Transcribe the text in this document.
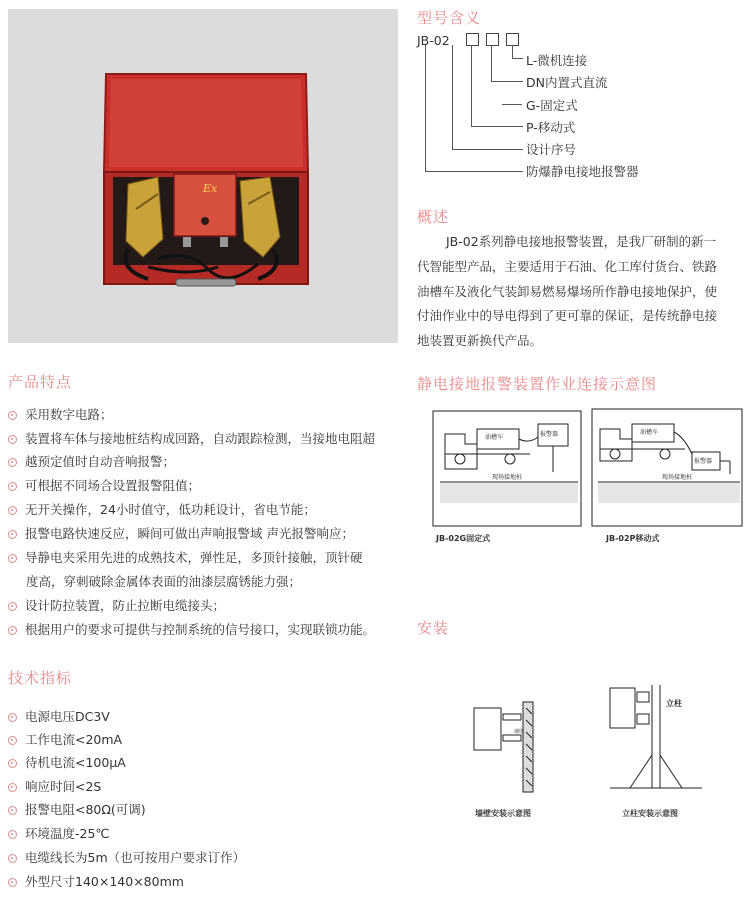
Ex
型号含义
JB-02
L-微机连接
DN内置式直流
G-固定式
P-移动式
设计序号
防爆静电接地报警器
概述
JB-02系列静电接地报警装置，是我厂研制的新一
代智能型产品，主要适用于石油、化工库付货台、铁路
油槽车及液化气装卸易燃易爆场所作静电接地保护，使
付油作业中的导电得到了更可靠的保证，是传统静电接
地装置更新换代产品。
产品特点
采用数字电路；
装置将车体与接地桩结构成回路，自动跟踪检测，当接地电阻超
越预定值时自动音响报警；
可根据不同场合设置报警阻值；
无开关操作，24小时值守，低功耗设计，省电节能；
报警电路快速反应，瞬间可做出声响报警域 声光报警响应；
导静电夹采用先进的成熟技术，弹性足，多顶针接触，顶针硬
度高，穿刺破除金属体表面的油漆层腐锈能力强；
设计防拉装置，防止拉断电缆接头；
根据用户的要求可提供与控制系统的信号接口，实现联锁功能。
静电接地报警装置作业连接示意图
油槽车	报警器
现场接地桩
油槽车
报警器
现场接地桩
JB-02G固定式	JB-02P移动式
安装
墙壁
立柱
墙壁安装示意图	立柱安装示意图
技术指标
电源电压DC3V
工作电流<20mA
待机电流<100μA
响应时间<2S
报警电阻<80Ω(可调)
环境温度-25℃
电缆线长为5m（也可按用户要求订作）
外型尺寸140×140×80mm
